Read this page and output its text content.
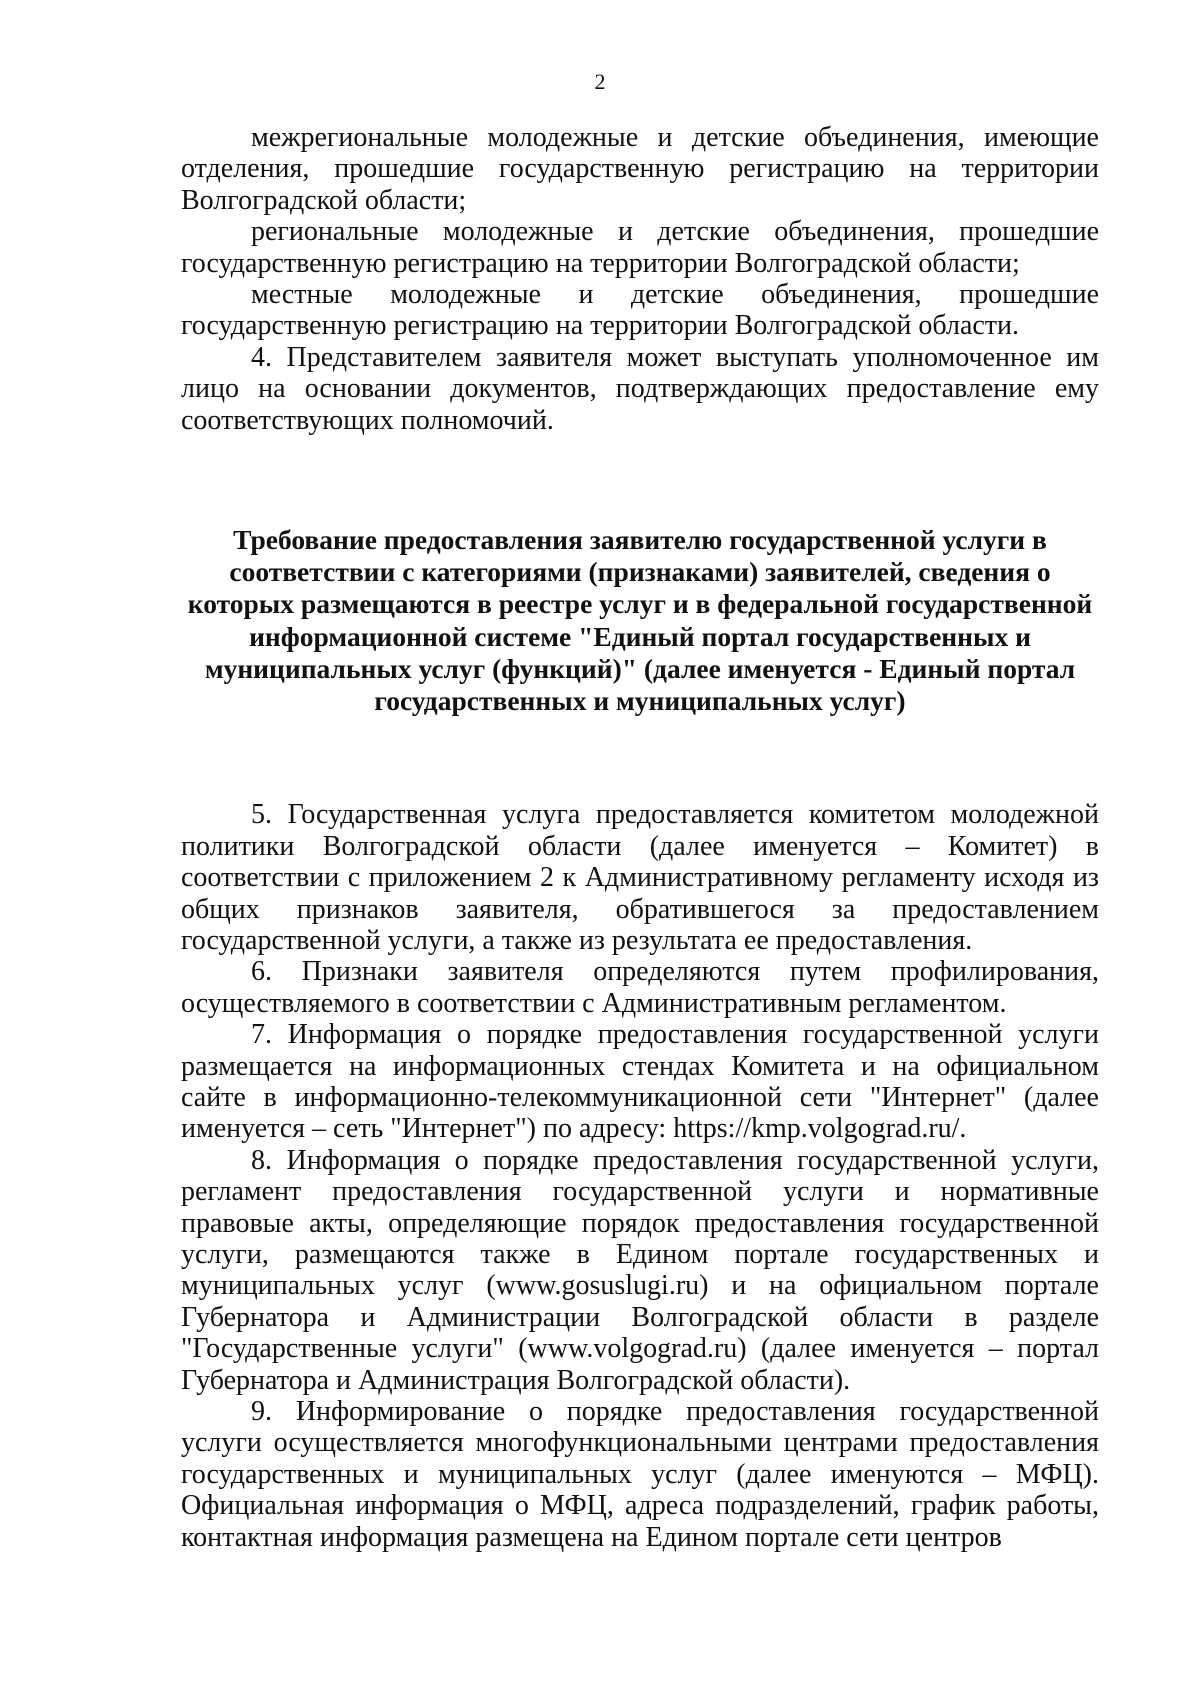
2

межрегиональные молодежные и детские объединения, имеющие отделения, прошедшие государственную регистрацию на территории Волгоградской области;

региональные молодежные и детские объединения, прошедшие государственную регистрацию на территории Волгоградской области;

местные молодежные и детские объединения, прошедшие государственную регистрацию на территории Волгоградской области.

4. Представителем заявителя может выступать уполномоченное им лицо на основании документов, подтверждающих предоставление ему соответствующих полномочий.

Требование предоставления заявителю государственной услуги в соответствии с категориями (признаками) заявителей, сведения о которых размещаются в реестре услуг и в федеральной государственной информационной системе "Единый портал государственных и муниципальных услуг (функций)" (далее именуется - Единый портал государственных и муниципальных услуг)

5. Государственная услуга предоставляется комитетом молодежной политики Волгоградской области (далее именуется – Комитет) в соответствии с приложением 2 к Административному регламенту исходя из общих признаков заявителя, обратившегося за предоставлением государственной услуги, а также из результата ее предоставления.

6. Признаки заявителя определяются путем профилирования, осуществляемого в соответствии с Административным регламентом.

7. Информация о порядке предоставления государственной услуги размещается на информационных стендах Комитета и на официальном сайте в информационно-телекоммуникационной сети "Интернет" (далее именуется – сеть "Интернет") по адресу: https://kmp.volgograd.ru/.

8. Информация о порядке предоставления государственной услуги, регламент предоставления государственной услуги и нормативные правовые акты, определяющие порядок предоставления государственной услуги, размещаются также в Едином портале государственных и муниципальных услуг (www.gosuslugi.ru) и на официальном портале Губернатора и Администрации Волгоградской области в разделе "Государственные услуги" (www.volgograd.ru) (далее именуется – портал Губернатора и Администрация Волгоградской области).

9. Информирование о порядке предоставления государственной услуги осуществляется многофункциональными центрами предоставления государственных и муниципальных услуг (далее именуются – МФЦ). Официальная информация о МФЦ, адреса подразделений, график работы, контактная информация размещена на Едином портале сети центров
